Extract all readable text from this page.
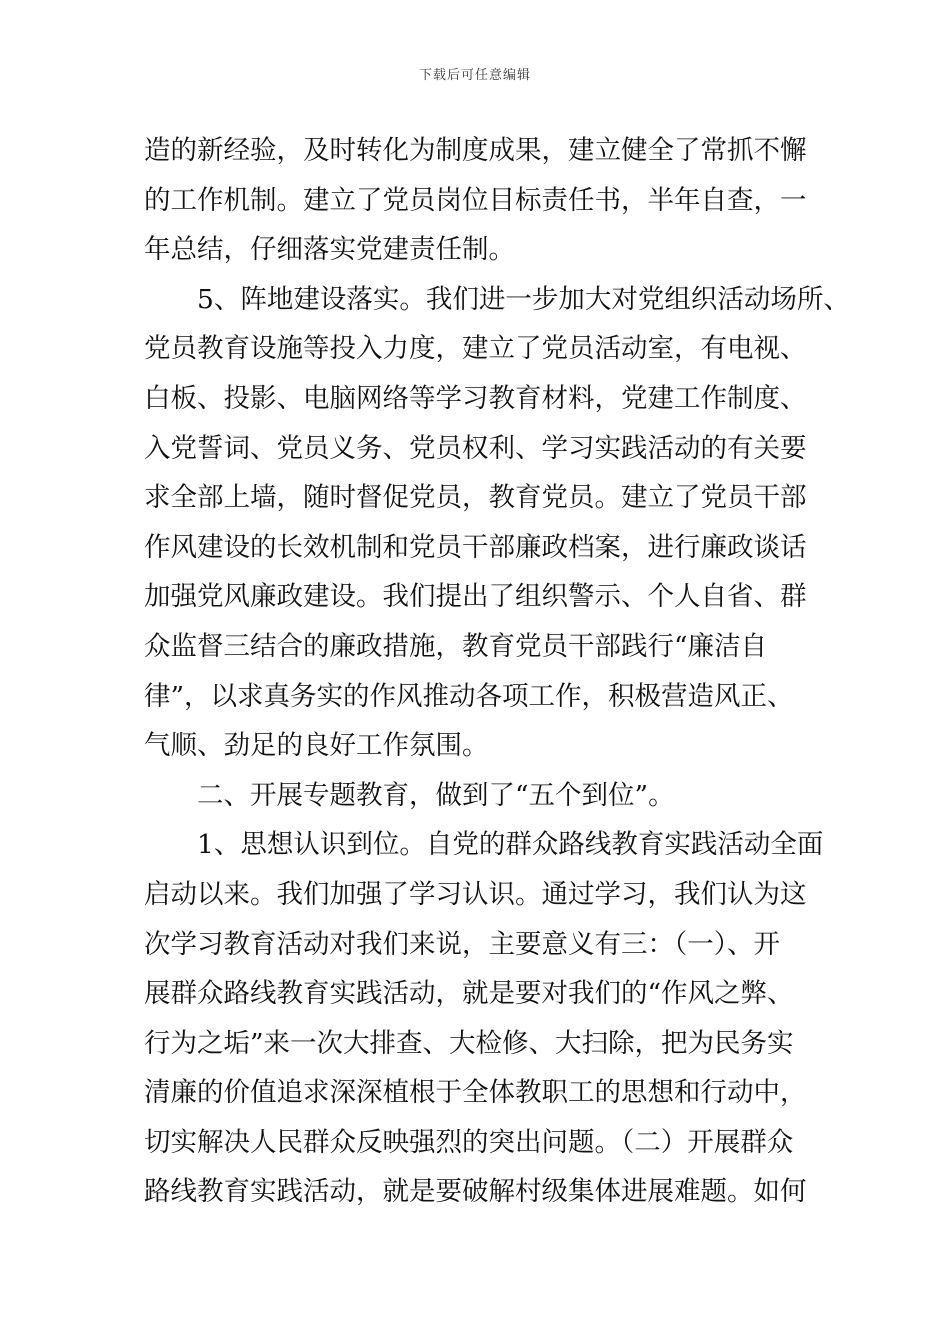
下载后可任意编辑
造的新经验，及时转化为制度成果，建立健全了常抓不懈
的工作机制。建立了党员岗位目标责任书，半年自查，一
年总结，仔细落实党建责任制。
　　5、阵地建设落实。我们进一步加大对党组织活动场所、
党员教育设施等投入力度，建立了党员活动室，有电视、
白板、投影、电脑网络等学习教育材料，党建工作制度、
入党誓词、党员义务、党员权利、学习实践活动的有关要
求全部上墙，随时督促党员，教育党员。建立了党员干部
作风建设的长效机制和党员干部廉政档案，进行廉政谈话
加强党风廉政建设。我们提出了组织警示、个人自省、群
众监督三结合的廉政措施，教育党员干部践行“廉洁自
律”，以求真务实的作风推动各项工作，积极营造风正、
气顺、劲足的良好工作氛围。
　　二、开展专题教育，做到了“五个到位”。
　　1、思想认识到位。自党的群众路线教育实践活动全面
启动以来。我们加强了学习认识。通过学习，我们认为这
次学习教育活动对我们来说，主要意义有三：（一）、开
展群众路线教育实践活动，就是要对我们的“作风之弊、
行为之垢”来一次大排查、大检修、大扫除，把为民务实
清廉的价值追求深深植根于全体教职工的思想和行动中，
切实解决人民群众反映强烈的突出问题。（二）开展群众
路线教育实践活动，就是要破解村级集体进展难题。如何
